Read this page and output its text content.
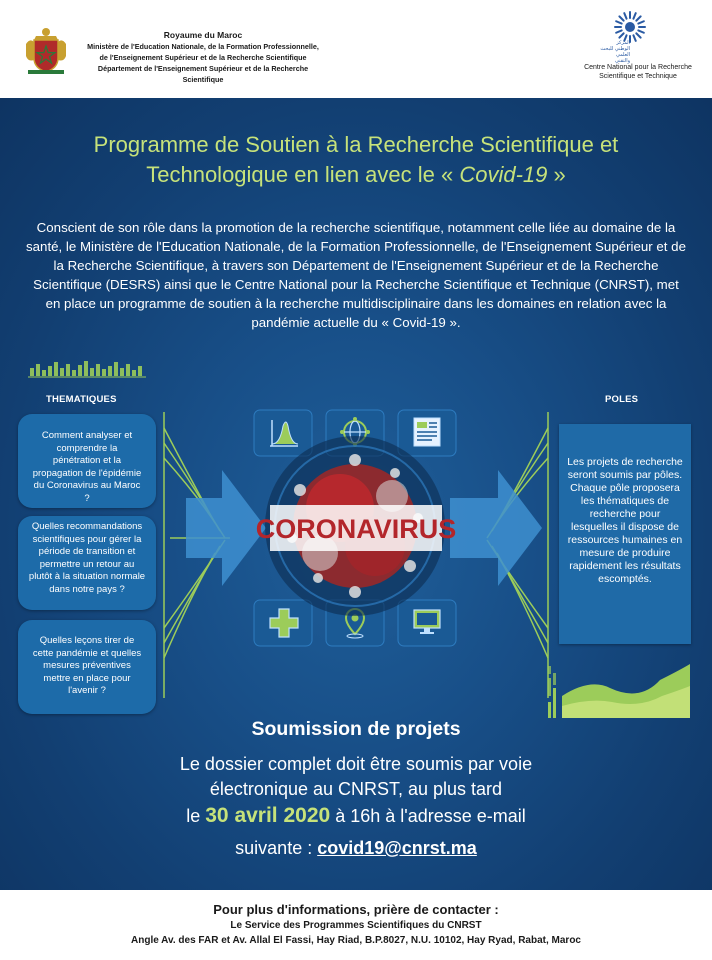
Royaume du Maroc
Ministère de l'Education Nationale, de la Formation Professionnelle,
de l'Enseignement Supérieur et de la Recherche Scientifique
Département de l'Enseignement Supérieur et de la Recherche Scientifique
المركز الوطني للبحث العلمي والتقني
Centre National pour la Recherche
Scientifique et Technique
Programme de Soutien à la Recherche Scientifique et
Technologique en lien avec le « Covid-19 »
Conscient de son rôle dans la promotion de la recherche scientifique, notamment celle liée au domaine de la santé, le Ministère de l'Education Nationale, de la Formation Professionnelle, de l'Enseignement Supérieur et de la Recherche Scientifique, à travers son Département de l'Enseignement Supérieur et de la Recherche Scientifique (DESRS) ainsi que le Centre National pour la Recherche Scientifique et Technique (CNRST), met en place un programme de soutien à la recherche multidisciplinaire dans les domaines en relation avec la pandémie actuelle du « Covid-19 ».
CORONAVIRUS
THEMATIQUES	POLES
Comment analyser et comprendre la pénétration et la propagation de l'épidémie du Coronavirus au Maroc ?
Quelles recommandations scientifiques pour gérer la période de transition et permettre un retour au plutôt à la situation normale dans notre pays ?
Quelles leçons tirer de cette pandémie et quelles mesures préventives mettre en place pour l'avenir ?
Les projets de recherche seront soumis par pôles. Chaque pôle proposera les thématiques de recherche pour lesquelles il dispose de ressources humaines en mesure de produire rapidement les résultats escomptés.
Soumission de projets
Le dossier complet doit être soumis par voie
électronique au CNRST, au plus tard
le 30 avril 2020 à 16h à l'adresse e-mail
suivante : covid19@cnrst.ma
Pour plus d'informations, prière de contacter :
Le Service des Programmes Scientifiques du CNRST
Angle Av. des FAR et Av. Allal El Fassi, Hay Riad, B.P.8027, N.U. 10102, Hay Ryad, Rabat, Maroc
